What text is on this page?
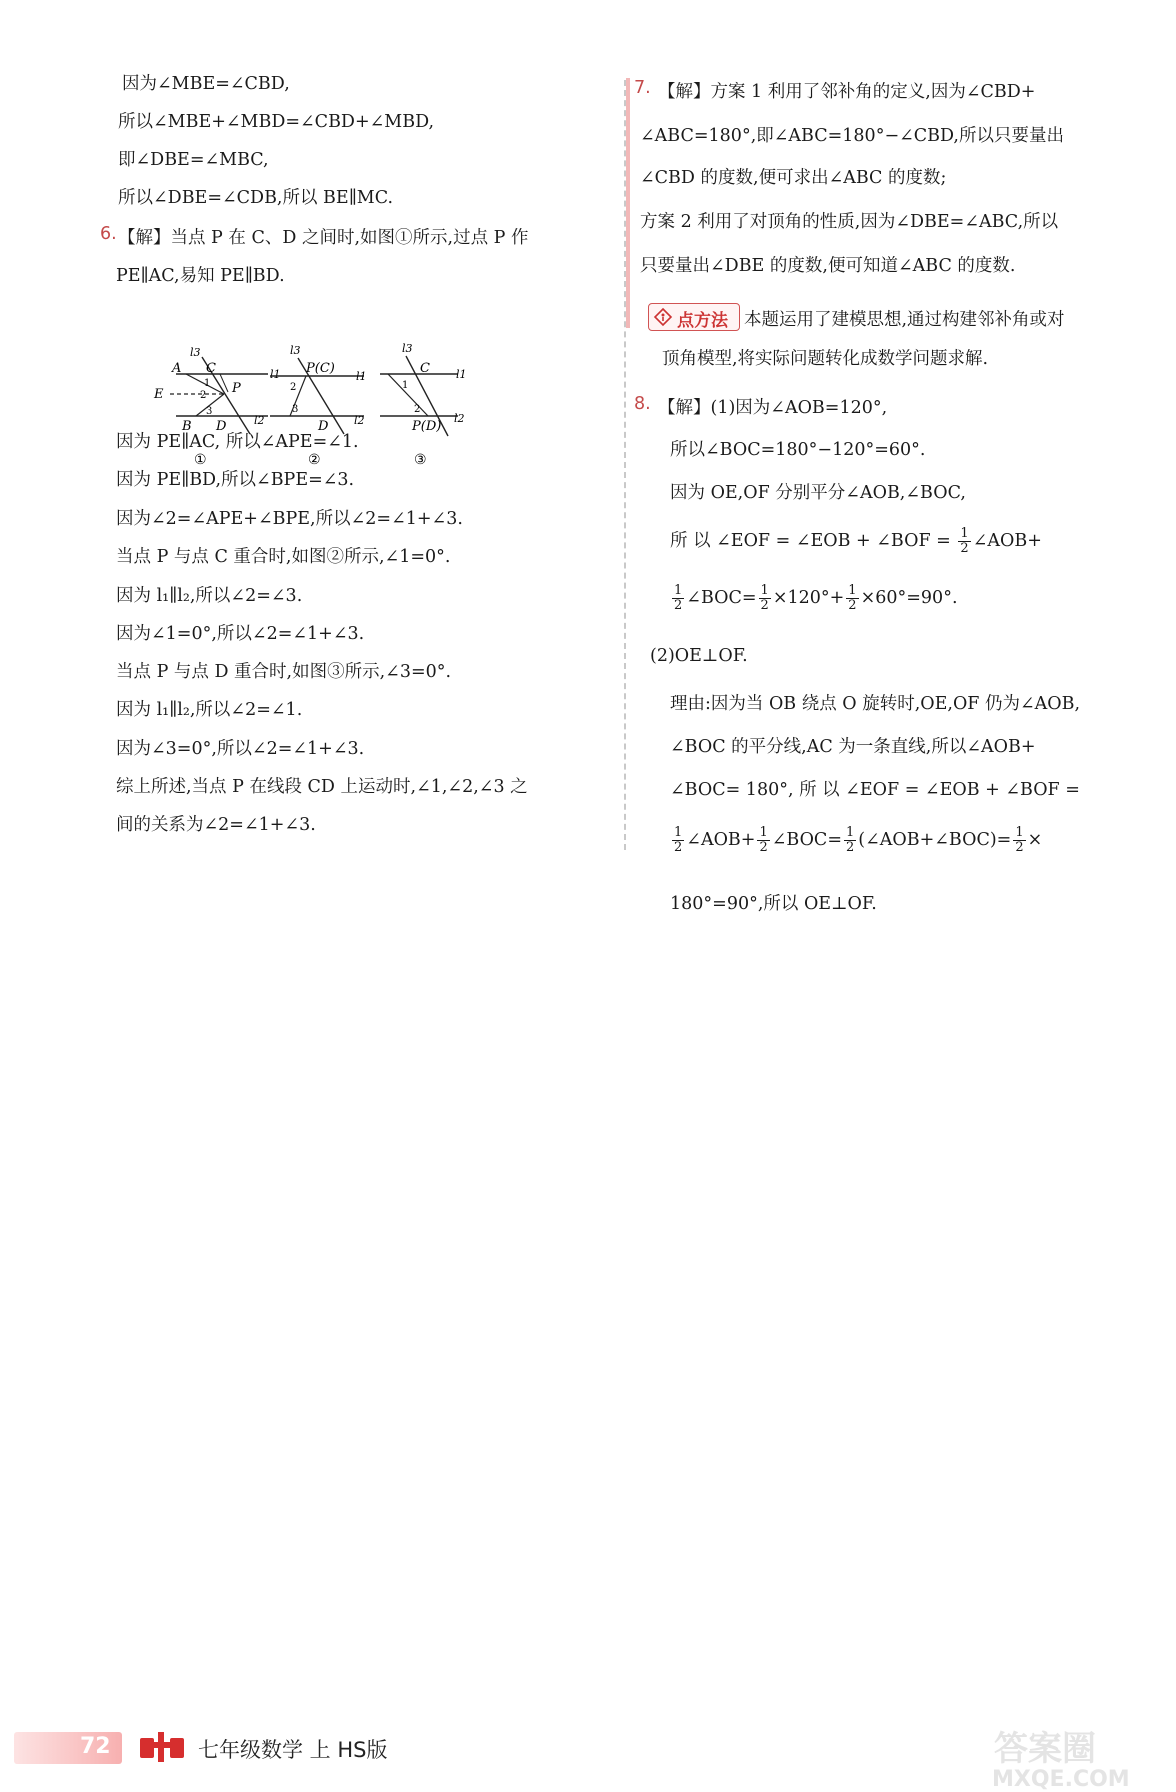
因为∠MBE=∠CBD,
所以∠MBE+∠MBD=∠CBD+∠MBD,
即∠DBE=∠MBC,
所以∠DBE=∠CDB,所以 BE∥MC.
6. 【解】当点 P 在 C、D 之间时,如图①所示,过点 P 作
PE∥AC,易知 PE∥BD.
因为 PE∥AC, 所以∠APE=∠1.
因为 PE∥BD,所以∠BPE=∠3.
因为∠2=∠APE+∠BPE,所以∠2=∠1+∠3.
当点 P 与点 C 重合时,如图②所示,∠1=0°.
因为 l₁∥l₂,所以∠2=∠3.
因为∠1=0°,所以∠2=∠1+∠3.
当点 P 与点 D 重合时,如图③所示,∠3=0°.
因为 l₁∥l₂,所以∠2=∠1.
因为∠3=0°,所以∠2=∠1+∠3.
综上所述,当点 P 在线段 CD 上运动时,∠1,∠2,∠3 之
间的关系为∠2=∠1+∠3.
l3
A C	l1
E
1
2 P
3
B D	l2
①
l3
P(C)
l1
2
3
D l2
②
l3
C l1
1
2
P(D)
l2
③
7. 【解】方案 1 利用了邻补角的定义,因为∠CBD+
∠ABC=180°,即∠ABC=180°−∠CBD,所以只要量出
∠CBD 的度数,便可求出∠ABC 的度数;
方案 2 利用了对顶角的性质,因为∠DBE=∠ABC,所以
只要量出∠DBE 的度数,便可知道∠ABC 的度数.
本题运用了建模思想,通过构建邻补角或对
顶角模型,将实际问题转化成数学问题求解.
8. 【解】(1)因为∠AOB=120°,
所以∠BOC=180°−120°=60°.
因为 OE,OF 分别平分∠AOB,∠BOC,
所 以 ∠EOF = ∠EOB + ∠BOF = $\frac{1}{2}$ ∠AOB+
$\frac{1}{2}$ ∠BOC= $\frac{1}{2} \times 120^\circ+ \frac{1}{2} \times 60^\circ=90^\circ$.
(2)OE⊥OF.
理由:因为当 OB 绕点 O 旋转时,OE,OF 仍为∠AOB,
∠BOC 的平分线,AC 为一条直线,所以∠AOB+
∠BOC= 180°, 所 以 ∠EOF = ∠EOB + ∠BOF =
$\frac{1}{2}$ ∠AOB+ $\frac{1}{2}$ ∠BOC= $\frac{1}{2}$ (∠AOB+∠BOC)= $\frac{1}{2}$ ×
180°=90°,所以 OE⊥OF.
点方法
72	七年级数学 上 HS版	答案圈
MXQE.COM
